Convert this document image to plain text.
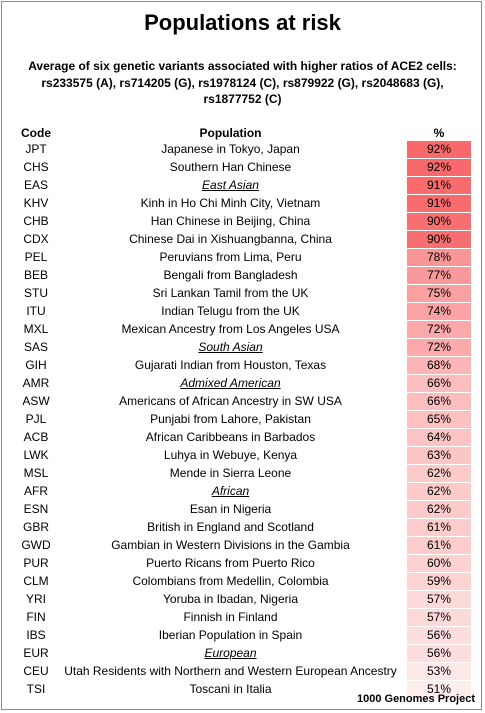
Populations at risk
Average of six genetic variants associated with higher ratios of ACE2 cells: rs233575 (A), rs714205 (G), rs1978124 (C), rs879922 (G), rs2048683 (G), rs1877752 (C)
Code	Population	%
JPT	Japanese in Tokyo, Japan	92%
CHS	Southern Han Chinese	92%
EAS	East Asian	91%
KHV	Kinh in Ho Chi Minh City, Vietnam	91%
CHB	Han Chinese in Beijing, China	90%
CDX	Chinese Dai in Xishuangbanna, China	90%
PEL	Peruvians from Lima, Peru	78%
BEB	Bengali from Bangladesh	77%
STU	Sri Lankan Tamil from the UK	75%
ITU	Indian Telugu from the UK	74%
MXL	Mexican Ancestry from Los Angeles USA	72%
SAS	South Asian	72%
GIH	Gujarati Indian from Houston, Texas	68%
AMR	Admixed American	66%
ASW	Americans of African Ancestry in SW USA	66%
PJL	Punjabi from Lahore, Pakistan	65%
ACB	African Caribbeans in Barbados	64%
LWK	Luhya in Webuye, Kenya	63%
MSL	Mende in Sierra Leone	62%
AFR	African	62%
ESN	Esan in Nigeria	62%
GBR	British in England and Scotland	61%
GWD	Gambian in Western Divisions in the Gambia	61%
PUR	Puerto Ricans from Puerto Rico	60%
CLM	Colombians from Medellin, Colombia	59%
YRI	Yoruba in Ibadan, Nigeria	57%
FIN	Finnish in Finland	57%
IBS	Iberian Population in Spain	56%
EUR	European	56%
CEU	Utah Residents with Northern and Western European Ancestry	53%
TSI	Toscani in Italia	51%
1000 Genomes Project
